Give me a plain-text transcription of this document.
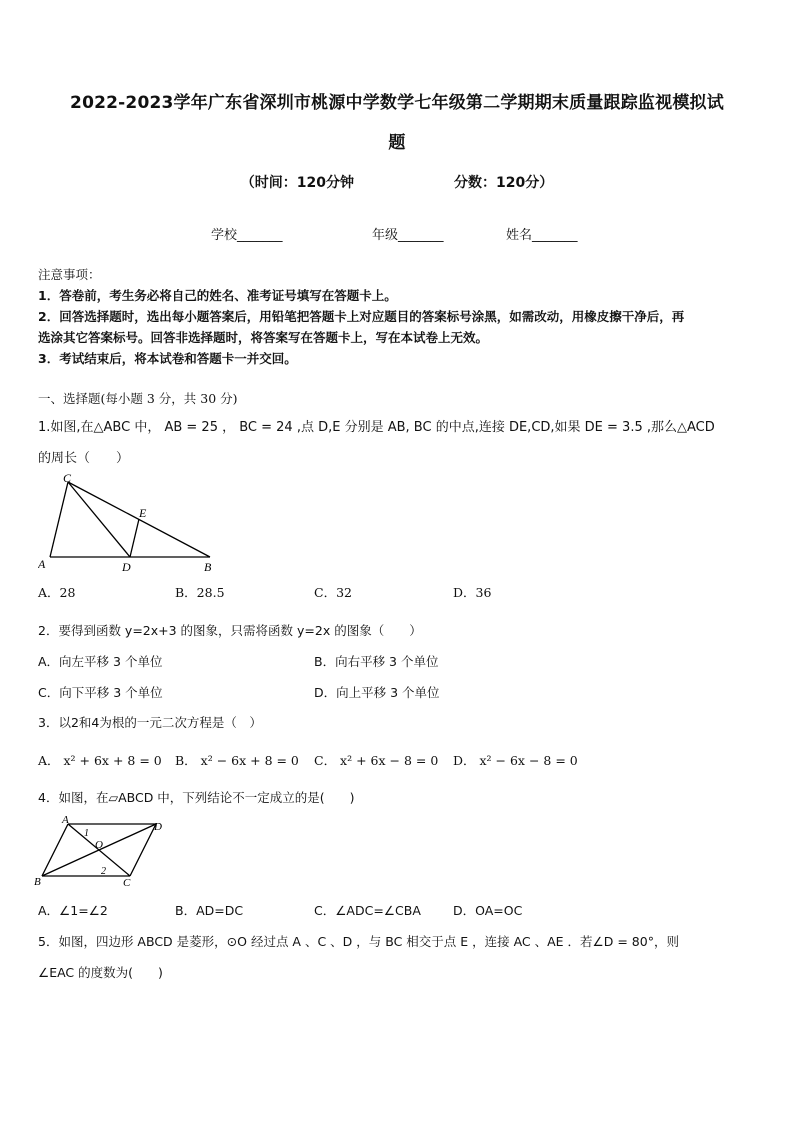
2022-2023学年广东省深圳市桃源中学数学七年级第二学期期末质量跟踪监视模拟试
题
（时间：120分钟	分数：120分）
学校_______	年级_______	姓名_______
注意事项：
1．答卷前，考生务必将自己的姓名、准考证号填写在答题卡上。
2．回答选择题时，选出每小题答案后，用铅笔把答题卡上对应题目的答案标号涂黑，如需改动，用橡皮擦干净后，再
选涂其它答案标号。回答非选择题时，将答案写在答题卡上，写在本试卷上无效。
3．考试结束后，将本试卷和答题卡一并交回。
一、选择题(每小题 3 分，共 30 分)
1.如图,在△ABC 中， AB = 25 ， BC = 24 ,点 D,E 分别是 AB, BC 的中点,连接 DE,CD,如果 DE = 3.5 ,那么△ACD
的周长（　　）
C
E
A	D	B
A．28	B．28.5	C．32	D．36
2．要得到函数 y=2x+3 的图象，只需将函数 y=2x 的图象（　　）
A．向左平移 3 个单位	B．向右平移 3 个单位
C．向下平移 3 个单位	D．向上平移 3 个单位
3．以2和4为根的一元二次方程是（　）
A． x² + 6x + 8 = 0 B． x² − 6x + 8 = 0 C． x² + 6x − 8 = 0 D． x² − 6x − 8 = 0
4．如图，在▱ABCD 中，下列结论不一定成立的是(　　)
A
D
O
B	C
1
2
A．∠1=∠2	B．AD=DC	C．∠ADC=∠CBA	D．OA=OC
5．如图，四边形 ABCD 是菱形，⊙O 经过点 A 、C 、D ，与 BC 相交于点 E ，连接 AC 、AE ．若∠D = 80°，则
∠EAC 的度数为(　　)
